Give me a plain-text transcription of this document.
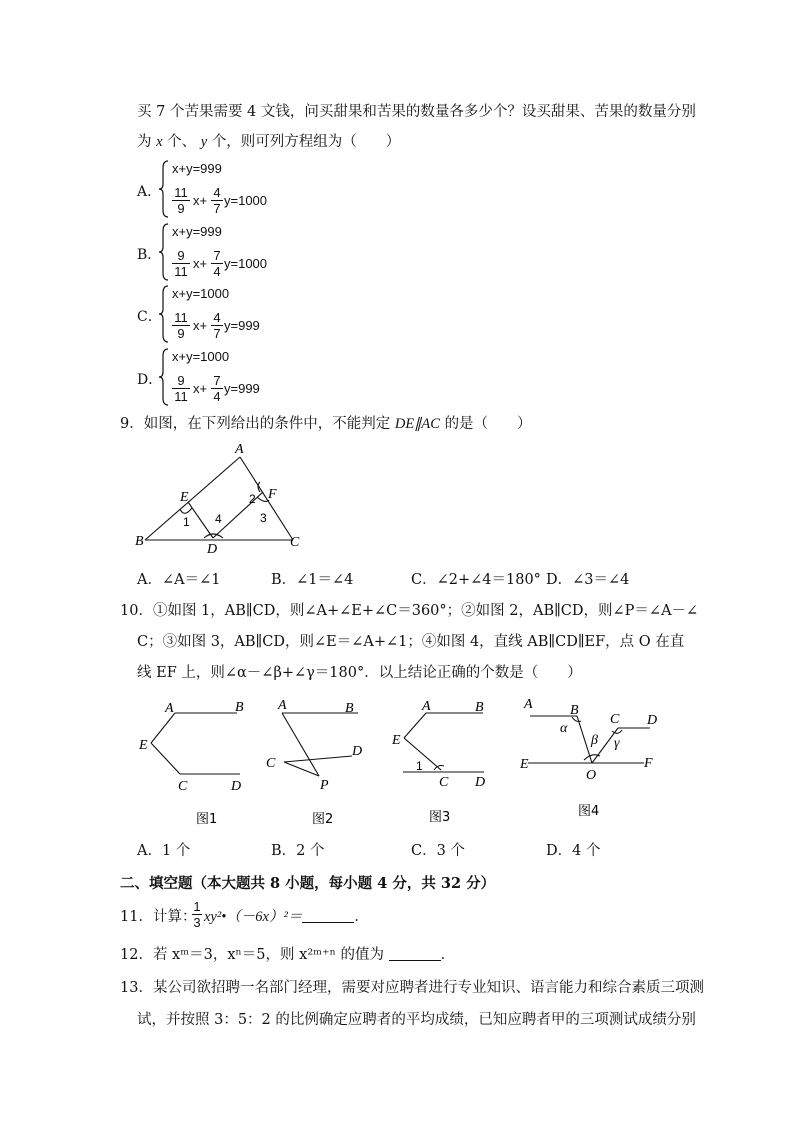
买 7 个苦果需要 4 文钱，问买甜果和苦果的数量各多少个？设买甜果、苦果的数量分别
为 x 个、 y 个，则可列方程组为（　　）
A．
x+y=999
$\frac{11}{9} x+ \frac{4}{7} y=1000$
B．
x+y=999
$\frac{9}{11} x+ \frac{7}{4} y=1000$
C．
x+y=1000
$\frac{11}{9} x+ \frac{4}{7} y=999$
D．
x+y=1000
$\frac{9}{11} x+ \frac{7}{4} y=999$
9．如图，在下列给出的条件中，不能判定 DE∥AC 的是（　　）
A
B	C
D
E	F
1
2
3
4
A．∠A＝∠1	B．∠1＝∠4	C．∠2+∠4＝180° D．∠3＝∠4
10．①如图 1，AB∥CD，则∠A+∠E+∠C＝360°；②如图 2，AB∥CD，则∠P＝∠A－∠
C；③如图 3，AB∥CD，则∠E＝∠A+∠1；④如图 4，直线 AB∥CD∥EF，点 O 在直
线 EF 上，则∠α－∠β+∠γ＝180°．以上结论正确的个数是（　　）
A	B
E
C	D
图1
A	B
C
D
P
图2
A	B
E
C D
1
图3
A	B
C D
E	F
O
α
β γ
图4
A．1 个	B．2 个	C．3 个	D．4 个
二、填空题（本大题共 8 小题，每小题 4 分，共 32 分）
11．计算：
$\frac{1}{3}$ xy²•（－6x）²＝	．
12．若 xᵐ＝3，xⁿ＝5，则 x²ᵐ⁺ⁿ 的值为	．
13．某公司欲招聘一名部门经理，需要对应聘者进行专业知识、语言能力和综合素质三项测
试，并按照 3：5：2 的比例确定应聘者的平均成绩，已知应聘者甲的三项测试成绩分别
